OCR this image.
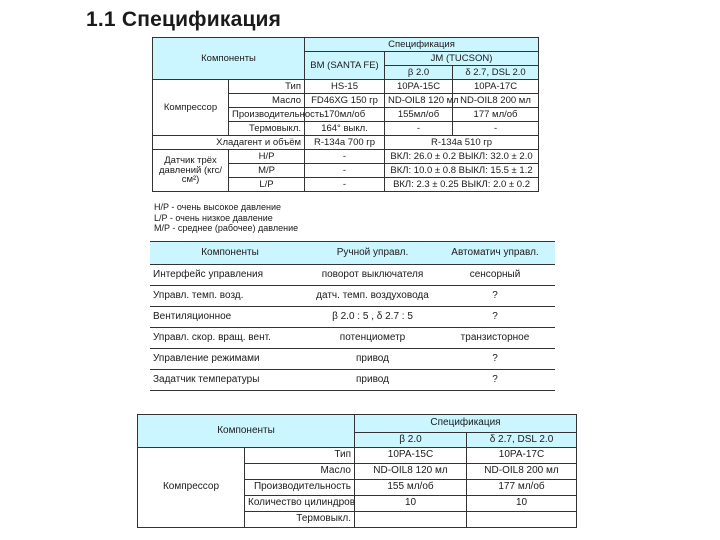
1.1 Спецификация
Компоненты		Спецификация		
		BM (SANTA FE)	JM (TUCSON)	
			β 2.0	δ 2.7, DSL 2.0
Компрессор	Тип	HS-15	10PA-15C	10PA-17C
	Масло	FD46XG 150 гр	ND-OIL8 120 мл	ND-OIL8 200 мл
	Производительность	170мл/об	155мл/об	177 мл/об
	Термовыкл.	164° выкл.	-	-
Хладагент и объём		R-134a 700 гр	R-134a 510 гр	
Датчик трёх давлений (кгс/см²)	H/P	-	ВКЛ: 26.0 ± 0.2 ВЫКЛ: 32.0 ± 2.0	
	M/P	-	ВКЛ: 10.0 ± 0.8 ВЫКЛ: 15.5 ± 1.2	
	L/P	-	ВКЛ: 2.3 ± 0.25 ВЫКЛ: 2.0 ± 0.2	
H/P - очень высокое давление
L/P - очень низкое давление
M/P - среднее (рабочее) давление
Компоненты	Ручной управл.	Автоматич управл.
Интерфейс управления	поворот выключателя	сенсорный
Управл. темп. возд.	датч. темп. воздуховода	?
Вентиляционное	β 2.0 : 5 , δ 2.7 : 5	?
Управл. скор. вращ. вент.	потенциометр	транзисторное
Управление режимами	привод	?
Задатчик температуры	привод	?
Компоненты		Спецификация	
		β 2.0	δ 2.7, DSL 2.0
Компрессор	Тип	10PA-15C	10PA-17C
	Масло	ND-OIL8 120 мл	ND-OIL8 200 мл
	Производительность	155 мл/об	177 мл/об
	Количество цилиндров	10	10
	Термовыкл.		
